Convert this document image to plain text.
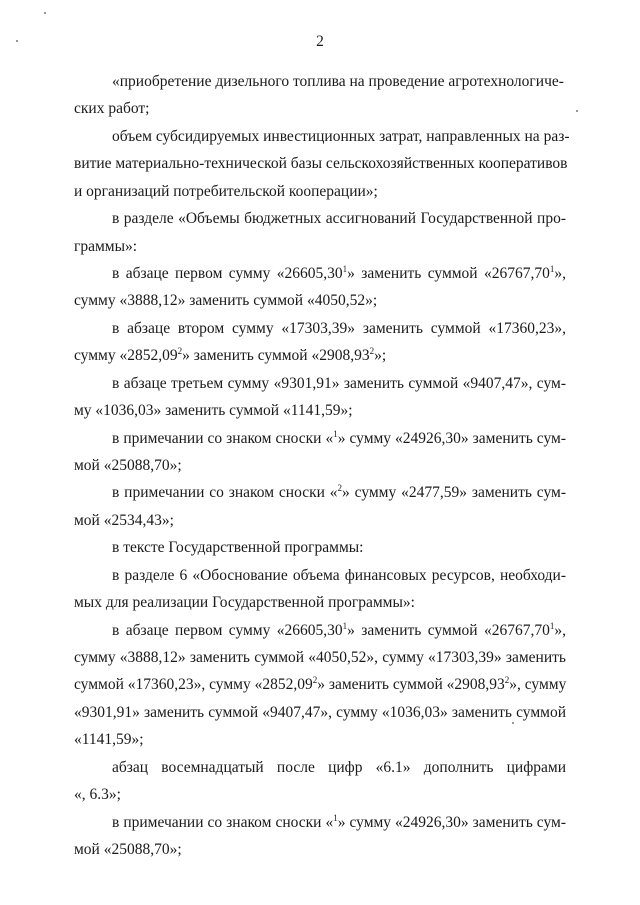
2
«приобретение дизельного топлива на проведение агротехнологиче-
ских работ;
объем субсидируемых инвестиционных затрат, направленных на раз-
витие материально-технической базы сельскохозяйственных кооперативов
и организаций потребительской кооперации»;
в разделе «Объемы бюджетных ассигнований Государственной про-
граммы»:
в абзаце первом сумму «26605,30$^1$» заменить суммой «26767,70$^1$»,
сумму «3888,12» заменить суммой «4050,52»;
в абзаце втором сумму «17303,39» заменить суммой «17360,23»,
сумму «2852,09$^2$» заменить суммой «2908,93$^2$»;
в абзаце третьем сумму «9301,91» заменить суммой «9407,47», сум-
му «1036,03» заменить суммой «1141,59»;
в примечании со знаком сноски «$^1$» сумму «24926,30» заменить сум-
мой «25088,70»;
в примечании со знаком сноски «$^2$» сумму «2477,59» заменить сум-
мой «2534,43»;
в тексте Государственной программы:
в разделе 6 «Обоснование объема финансовых ресурсов, необходи-
мых для реализации Государственной программы»:
в абзаце первом сумму «26605,30$^1$» заменить суммой «26767,70$^1$»,
сумму «3888,12» заменить суммой «4050,52», сумму «17303,39» заменить
суммой «17360,23», сумму «2852,09$^2$» заменить суммой «2908,93$^2$», сумму
«9301,91» заменить суммой «9407,47», сумму «1036,03» заменить суммой
«1141,59»;
абзац восемнадцатый после цифр «6.1» дополнить цифрами
«, 6.3»;
в примечании со знаком сноски «$^1$» сумму «24926,30» заменить сум-
мой «25088,70»;
